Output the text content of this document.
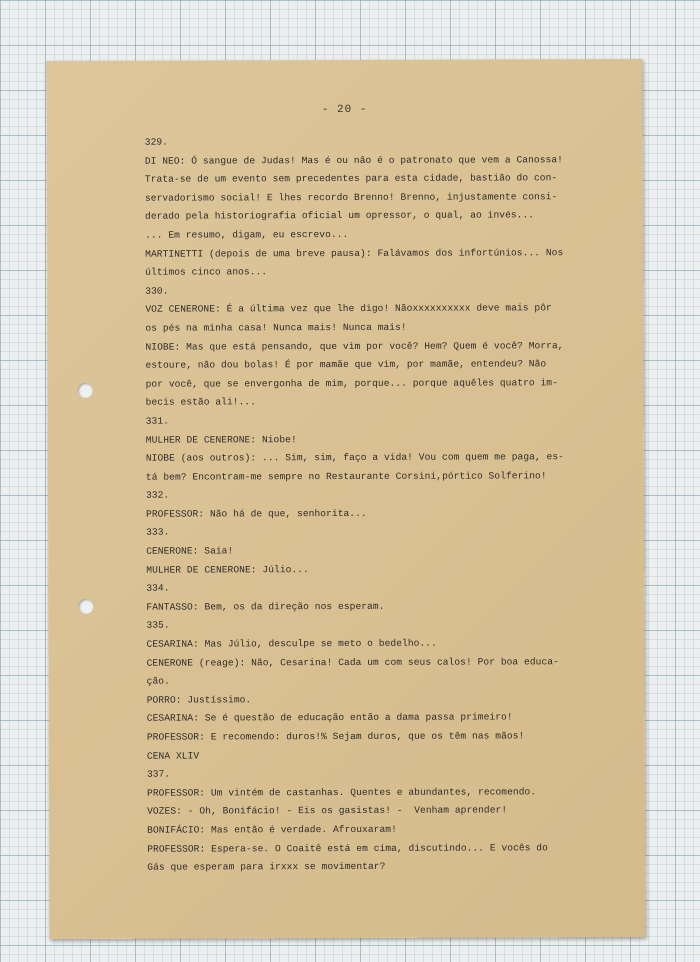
- 20 -
329.
DI NEO: Ó sangue de Judas! Mas é ou não é o patronato que vem a Canossa!
Trata-se de um evento sem precedentes para esta cidade, bastião do con-
servadorismo social! E lhes recordo Brenno! Brenno, injustamente consi-
derado pela historiografia oficial um opressor, o qual, ao invés...
... Em resumo, digam, eu escrevo...
MARTINETTI (depois de uma breve pausa): Falávamos dos infortúnios... Nos
últimos cinco anos...
330.
VOZ CENERONE: É a última vez que lhe digo! Nãoxxxxxxxxxx deve mais pôr
os pés na minha casa! Nunca mais! Nunca mais!
NIOBE: Mas que está pensando, que vim por você? Hem? Quem é você? Morra,
estoure, não dou bolas! É por mamãe que vim, por mamãe, entendeu? Não
por você, que se envergonha de mim, porque... porque aquêles quatro im-
becis estão ali!...
331.
MULHER DE CENERONE: Niobe!
NIOBE (aos outros): ... Sim, sim, faço a vida! Vou com quem me paga, es-
tá bem? Encontram-me sempre no Restaurante Corsini,pórtico Solferino!
332.
PROFESSOR: Não há de que, senhorita...
333.
CENERONE: Saia!
MULHER DE CENERONE: Júlio...
334.
FANTASSO: Bem, os da direção nos esperam.
335.
CESARINA: Mas Júlio, desculpe se meto o bedelho...
CENERONE (reage): Não, Cesarina! Cada um com seus calos! Por boa educa-
ção.
PORRO: Justíssimo.
CESARINA: Se é questão de educação então a dama passa primeiro!
PROFESSOR: E recomendo: duros!% Sejam duros, que os têm nas mãos!
CENA XLIV
337.
PROFESSOR: Um vintém de castanhas. Quentes e abundantes, recomendo.
VOZES: - Oh, Bonifácio! - Eis os gasistas! -  Venham aprender!
BONIFÁCIO: Mas então é verdade. Afrouxaram!
PROFESSOR: Espera-se. O Coaitê está em cima, discutindo... E vocês do
Gás que esperam para irxxx se movimentar?
